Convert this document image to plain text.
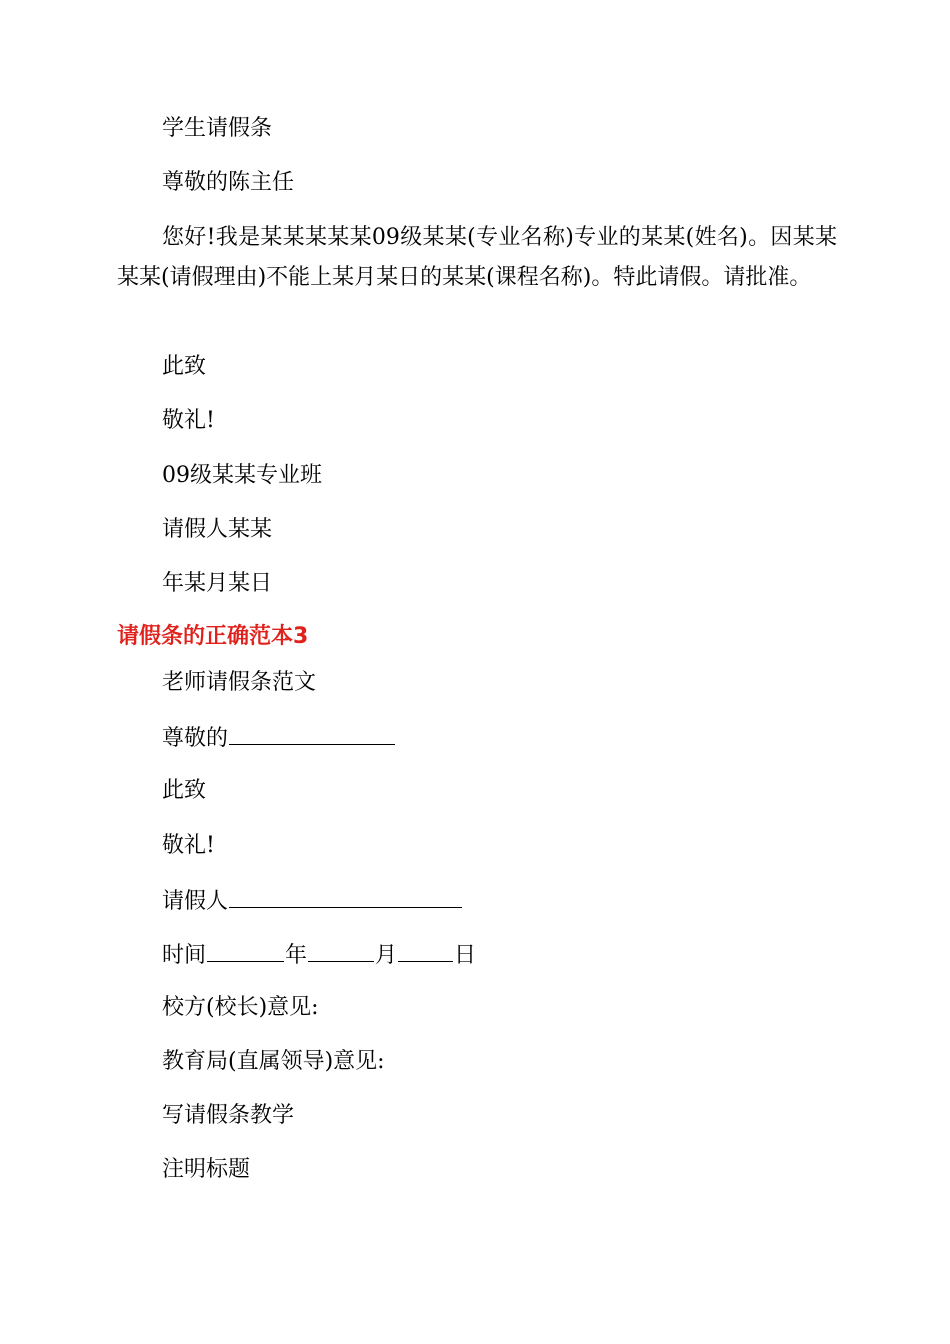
学生请假条

尊敬的陈主任

您好!我是某某某某某09级某某(专业名称)专业的某某(姓名)。因某某某某(请假理由)不能上某月某日的某某(课程名称)。特此请假。请批准。

此致

敬礼!

09级某某专业班

请假人某某

年某月某日

请假条的正确范本3

老师请假条范文

尊敬的

此致

敬礼!

请假人

时间	年	月	日

校方(校长)意见:

教育局(直属领导)意见:

写请假条教学

注明标题
